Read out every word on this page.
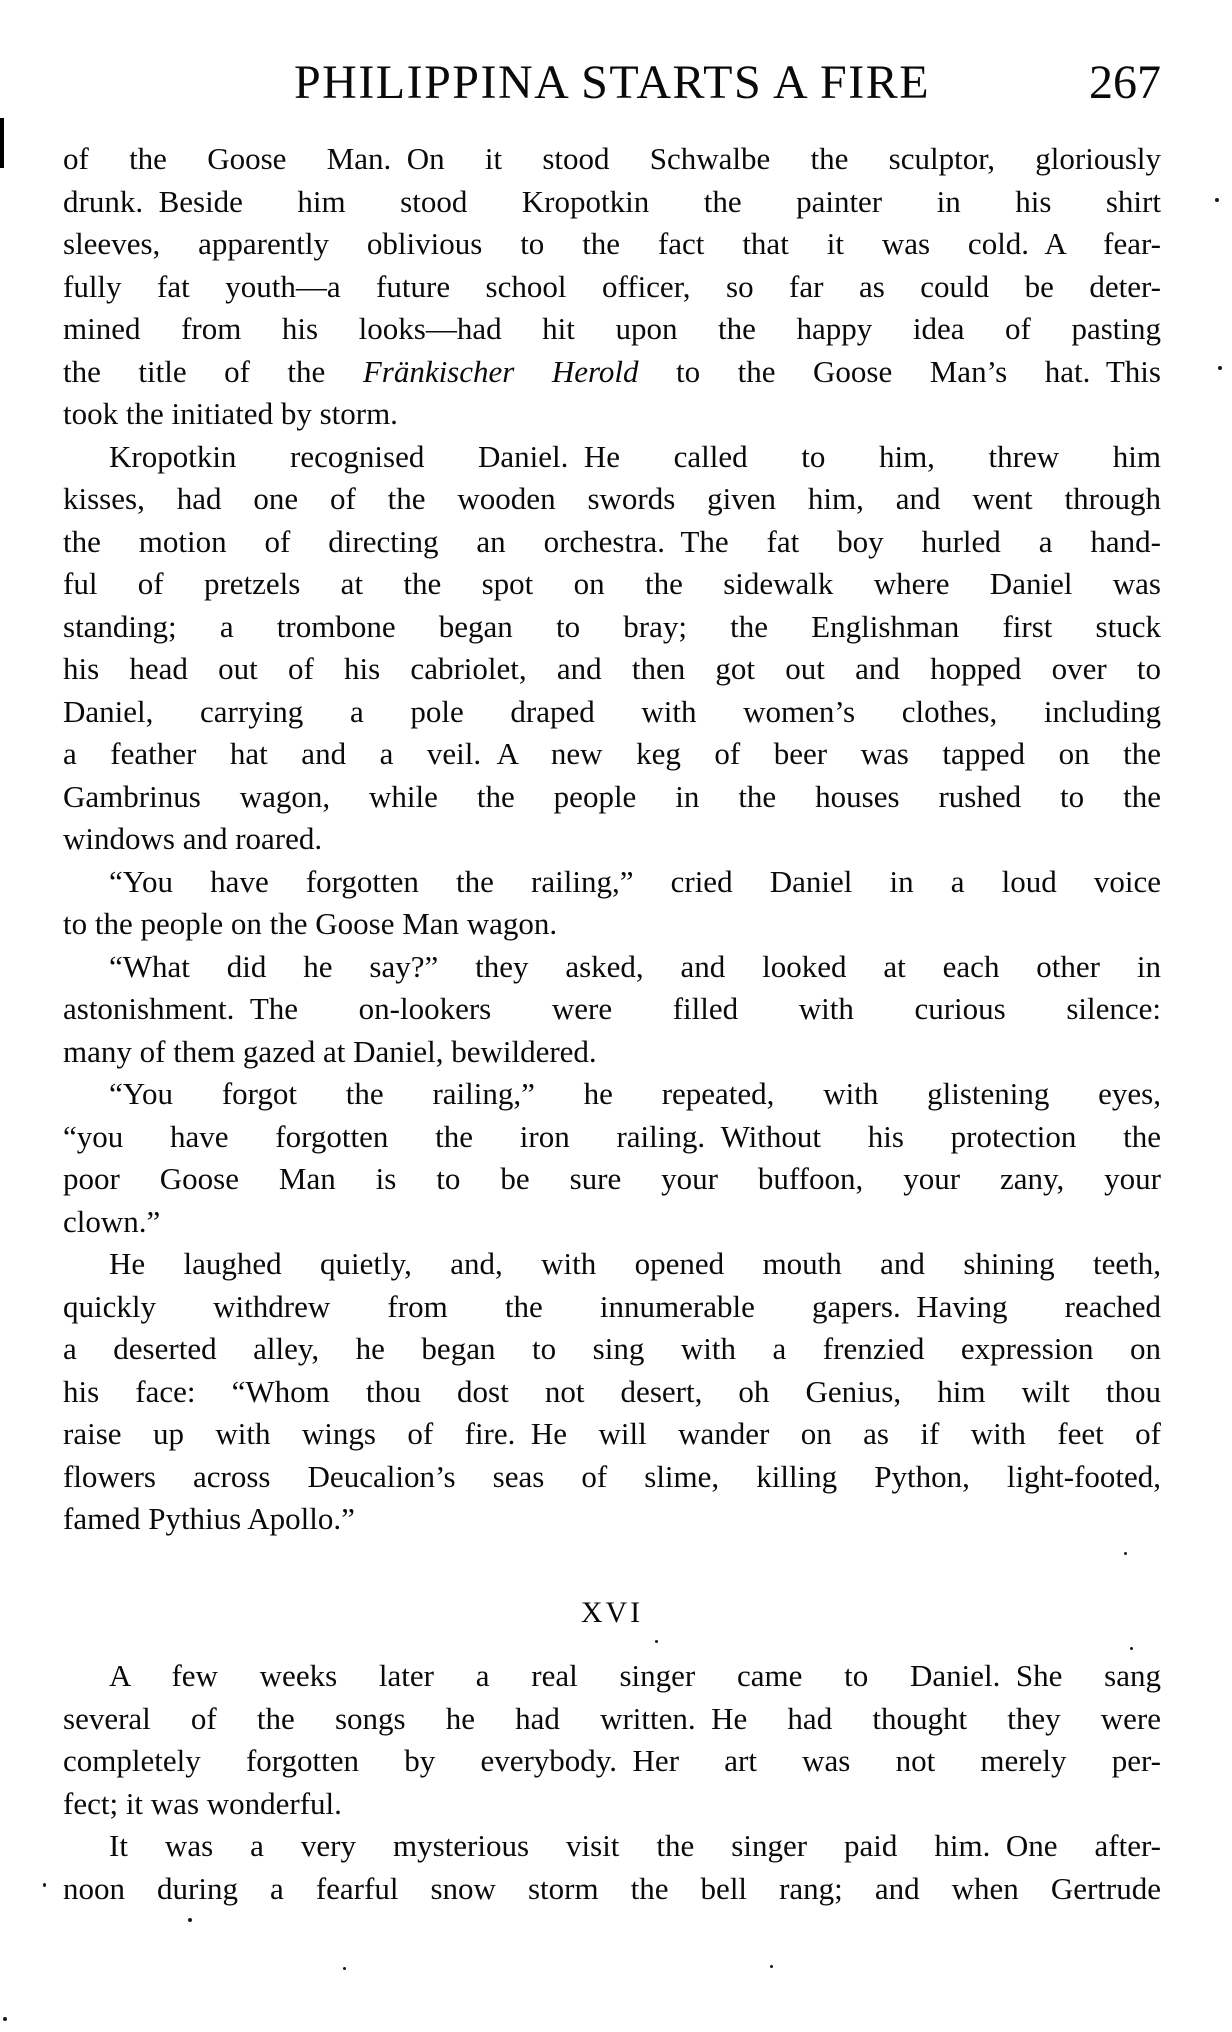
PHILIPPINA STARTS A FIRE	267
of the Goose Man. On it stood Schwalbe the sculptor, gloriously
drunk. Beside him stood Kropotkin the painter in his shirt
sleeves, apparently oblivious to the fact that it was cold. A fear-
fully fat youth—a future school officer, so far as could be deter-
mined from his looks—had hit upon the happy idea of pasting
the title of the Fränkischer Herold to the Goose Man’s hat. This
took the initiated by storm.
Kropotkin recognised Daniel. He called to him, threw him
kisses, had one of the wooden swords given him, and went through
the motion of directing an orchestra. The fat boy hurled a hand-
ful of pretzels at the spot on the sidewalk where Daniel was
standing; a trombone began to bray; the Englishman first stuck
his head out of his cabriolet, and then got out and hopped over to
Daniel, carrying a pole draped with women’s clothes, including
a feather hat and a veil. A new keg of beer was tapped on the
Gambrinus wagon, while the people in the houses rushed to the
windows and roared.
“You have forgotten the railing,” cried Daniel in a loud voice
to the people on the Goose Man wagon.
“What did he say?” they asked, and looked at each other in
astonishment. The on-lookers were filled with curious silence:
many of them gazed at Daniel, bewildered.
“You forgot the railing,” he repeated, with glistening eyes,
“you have forgotten the iron railing. Without his protection the
poor Goose Man is to be sure your buffoon, your zany, your
clown.”
He laughed quietly, and, with opened mouth and shining teeth,
quickly withdrew from the innumerable gapers. Having reached
a deserted alley, he began to sing with a frenzied expression on
his face: “Whom thou dost not desert, oh Genius, him wilt thou
raise up with wings of fire. He will wander on as if with feet of
flowers across Deucalion’s seas of slime, killing Python, light-footed,
famed Pythius Apollo.”
XVI
A few weeks later a real singer came to Daniel. She sang
several of the songs he had written. He had thought they were
completely forgotten by everybody. Her art was not merely per-
fect; it was wonderful.
It was a very mysterious visit the singer paid him. One after-
noon during a fearful snow storm the bell rang; and when Gertrude
